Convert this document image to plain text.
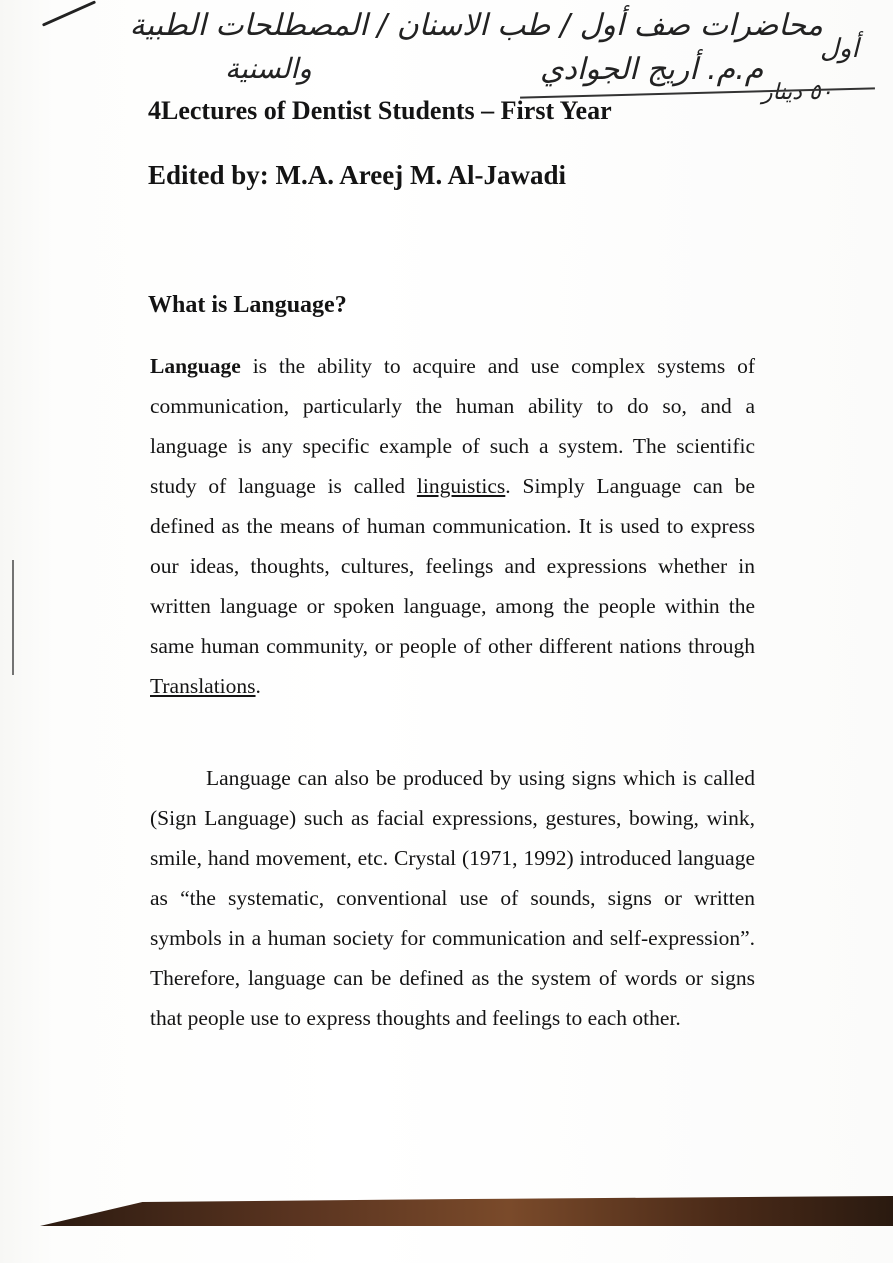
محاضرات صف أول / طب الاسنان / المصطلحات الطبية
والسنية	م.م. أريج الجوادي
أول
٥٠ دينار
4Lectures of Dentist Students – First Year
Edited by: M.A. Areej M. Al-Jawadi
What is Language?

Language is the ability to acquire and use complex systems of communication, particularly the human ability to do so, and a language is any specific example of such a system. The scientific study of language is called linguistics. Simply Language can be defined as the means of human communication. It is used to express our ideas, thoughts, cultures, feelings and expressions whether in written language or spoken language, among the people within the same human community, or people of other different nations through Translations.

Language can also be produced by using signs which is called (Sign Language) such as facial expressions, gestures, bowing, wink, smile, hand movement, etc. Crystal (1971, 1992) introduced language as “the systematic, conventional use of sounds, signs or written symbols in a human society for communication and self-expression”. Therefore, language can be defined as the system of words or signs that people use to express thoughts and feelings to each other.
